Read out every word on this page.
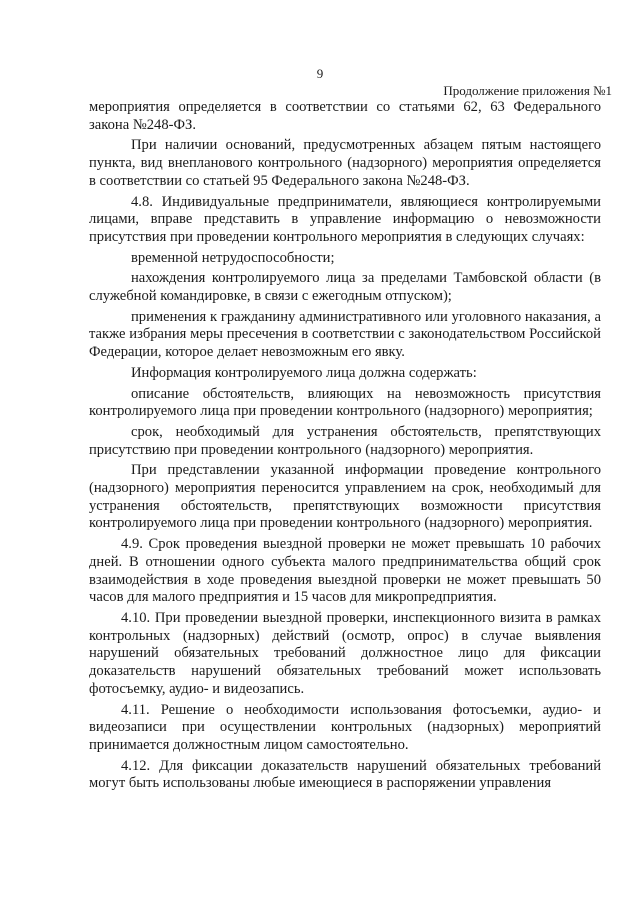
9
Продолжение приложения №1

мероприятия определяется в соответствии со статьями 62, 63 Федерального закона №248-ФЗ.

При наличии оснований, предусмотренных абзацем пятым настоящего пункта, вид внепланового контрольного (надзорного) мероприятия определяется в соответствии со статьей 95 Федерального закона №248-ФЗ.

4.8. Индивидуальные предприниматели, являющиеся контролируемыми лицами, вправе представить в управление информацию о невозможности присутствия при проведении контрольного мероприятия в следующих случаях:

временной нетрудоспособности;

нахождения контролируемого лица за пределами Тамбовской области (в служебной командировке, в связи с ежегодным отпуском);

применения к гражданину административного или уголовного наказания, а также избрания меры пресечения в соответствии с законодательством Российской Федерации, которое делает невозможным его явку.

Информация контролируемого лица должна содержать:

описание обстоятельств, влияющих на невозможность присутствия контролируемого лица при проведении контрольного (надзорного) мероприятия;

срок, необходимый для устранения обстоятельств, препятствующих присутствию при проведении контрольного (надзорного) мероприятия.

При представлении указанной информации проведение контрольного (надзорного) мероприятия переносится управлением на срок, необходимый для устранения обстоятельств, препятствующих возможности присутствия контролируемого лица при проведении контрольного (надзорного) мероприятия.

4.9. Срок проведения выездной проверки не может превышать 10 рабочих дней. В отношении одного субъекта малого предпринимательства общий срок взаимодействия в ходе проведения выездной проверки не может превышать 50 часов для малого предприятия и 15 часов для микропредприятия.

4.10. При проведении выездной проверки, инспекционного визита в рамках контрольных (надзорных) действий (осмотр, опрос) в случае выявления нарушений обязательных требований должностное лицо для фиксации доказательств нарушений обязательных требований может использовать фотосъемку, аудио- и видеозапись.

4.11. Решение о необходимости использования фотосъемки, аудио- и видеозаписи при осуществлении контрольных (надзорных) мероприятий принимается должностным лицом самостоятельно.

4.12. Для фиксации доказательств нарушений обязательных требований могут быть использованы любые имеющиеся в распоряжении управления
